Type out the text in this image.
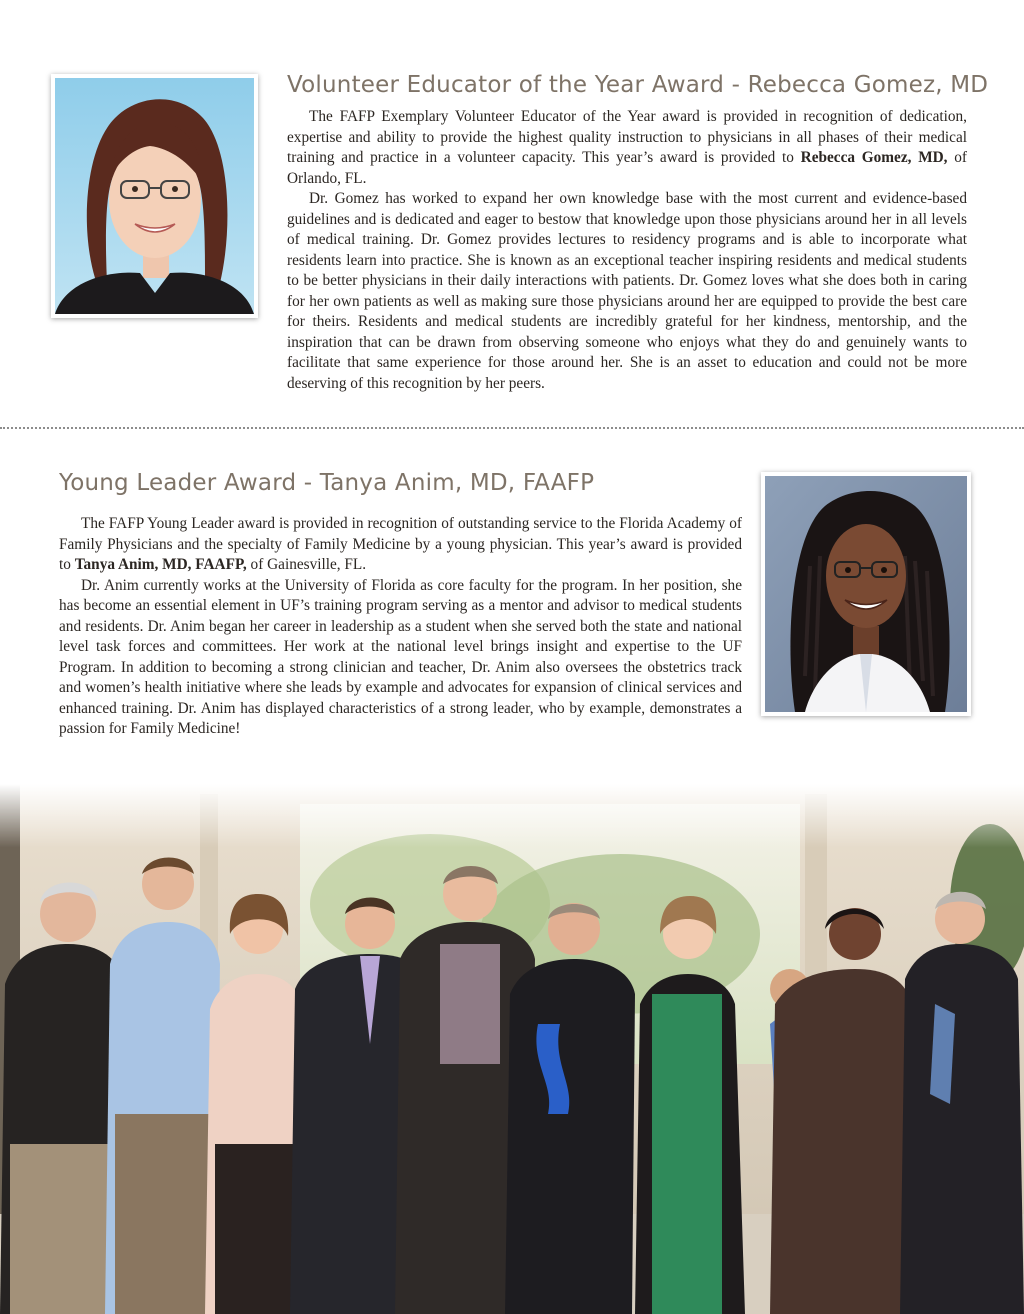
Volunteer Educator of the Year Award - Rebecca Gomez, MD

The FAFP Exemplary Volunteer Educator of the Year award is provided in recognition of dedication, expertise and ability to provide the highest quality instruction to physicians in all phases of their medical training and practice in a volunteer capacity. This year’s award is provided to Rebecca Gomez, MD, of Orlando, FL.

Dr. Gomez has worked to expand her own knowledge base with the most current and evidence-based guidelines and is dedicated and eager to bestow that knowledge upon those physicians around her in all levels of medical training. Dr. Gomez provides lectures to residency programs and is able to incorporate what residents learn into practice. She is known as an exceptional teacher inspiring residents and medical students to be better physicians in their daily interactions with patients. Dr. Gomez loves what she does both in caring for her own patients as well as making sure those physicians around her are equipped to provide the best care for theirs. Residents and medical students are incredibly grateful for her kindness, mentorship, and the inspiration that can be drawn from observing someone who enjoys what they do and genuinely wants to facilitate that same experience for those around her. She is an asset to education and could not be more deserving of this recognition by her peers.

Young Leader Award - Tanya Anim, MD, FAAFP

The FAFP Young Leader award is provided in recognition of outstanding service to the Florida Academy of Family Physicians and the specialty of Family Medicine by a young physician. This year’s award is provided to Tanya Anim, MD, FAAFP, of Gainesville, FL.

Dr. Anim currently works at the University of Florida as core faculty for the program. In her position, she has become an essential element in UF’s training program serving as a mentor and advisor to medical students and residents. Dr. Anim began her career in leadership as a student when she served both the state and national level task forces and committees. Her work at the national level brings insight and expertise to the UF Program. In addition to becoming a strong clinician and teacher, Dr. Anim also oversees the obstetrics track and women’s health initiative where she leads by example and advocates for expansion of clinical services and enhanced training. Dr. Anim has displayed characteristics of a strong leader, who by example, demonstrates a passion for Family Medicine!
